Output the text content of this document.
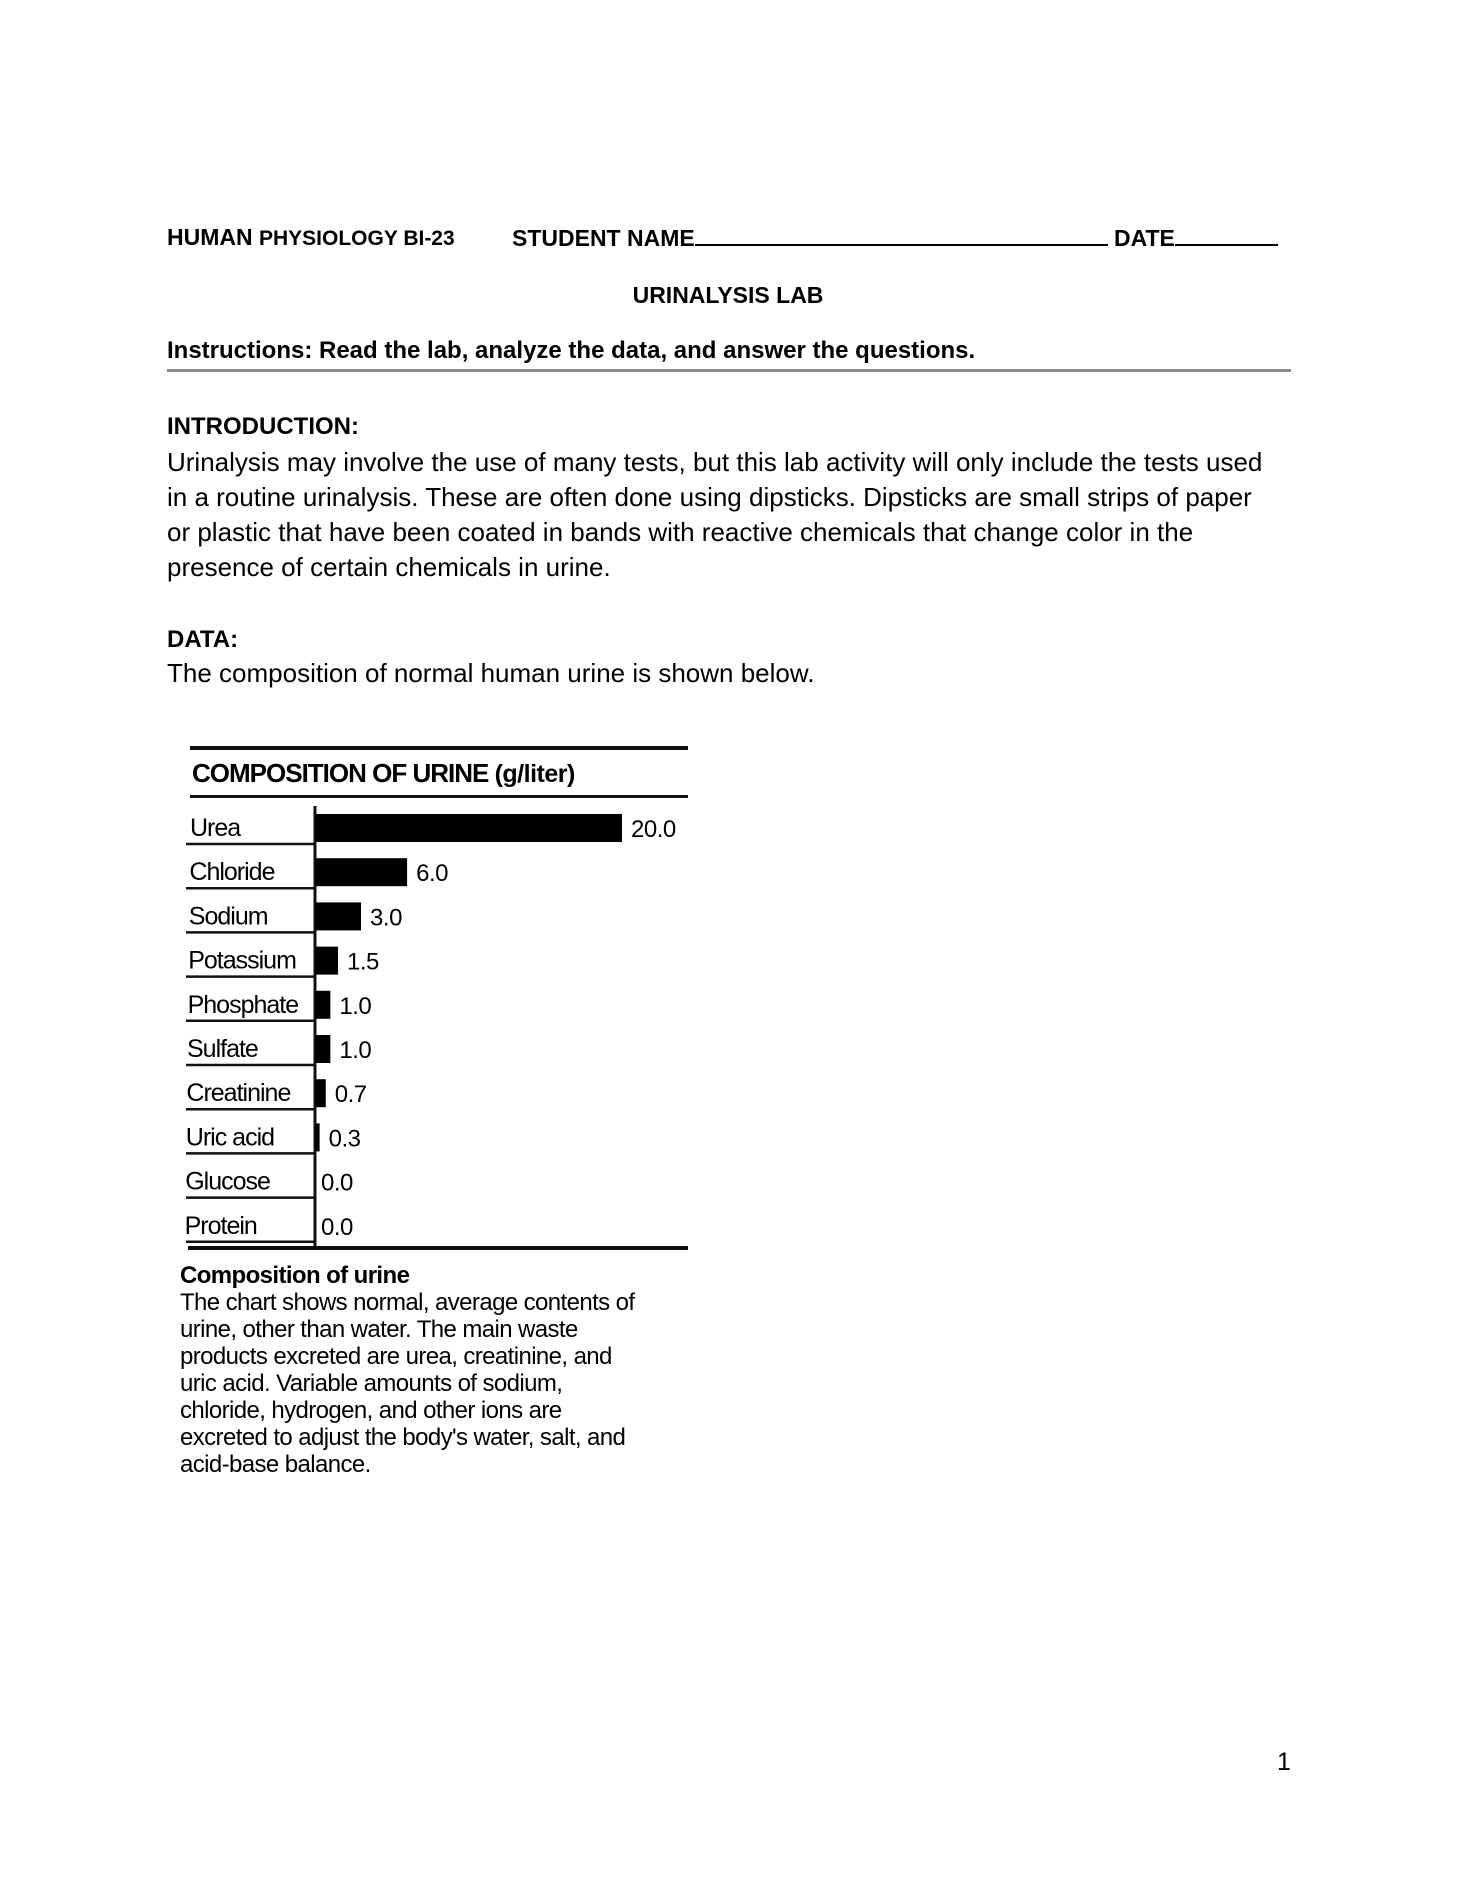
HUMAN PHYSIOLOGY BI-23 STUDENT NAME	DATE
URINALYSIS LAB
Instructions: Read the lab, analyze the data, and answer the questions.
INTRODUCTION:
Urinalysis may involve the use of many tests, but this lab activity will only include the tests used
in a routine urinalysis. These are often done using dipsticks. Dipsticks are small strips of paper
or plastic that have been coated in bands with reactive chemicals that change color in the
presence of certain chemicals in urine.
DATA:
The composition of normal human urine is shown below.
COMPOSITION OF URINE (g/liter)
Urea	20.0
Chloride	6.0
Sodium	3.0
Potassium 1.5
Phosphate 1.0
Sulfate	1.0
Creatinine 0.7
Uric acid 0.3
Glucose 0.0
Protein	0.0
Composition of urine
The chart shows normal, average contents of
urine, other than water. The main waste
products excreted are urea, creatinine, and
uric acid. Variable amounts of sodium,
chloride, hydrogen, and other ions are
excreted to adjust the body's water, salt, and
acid-base balance.
1
